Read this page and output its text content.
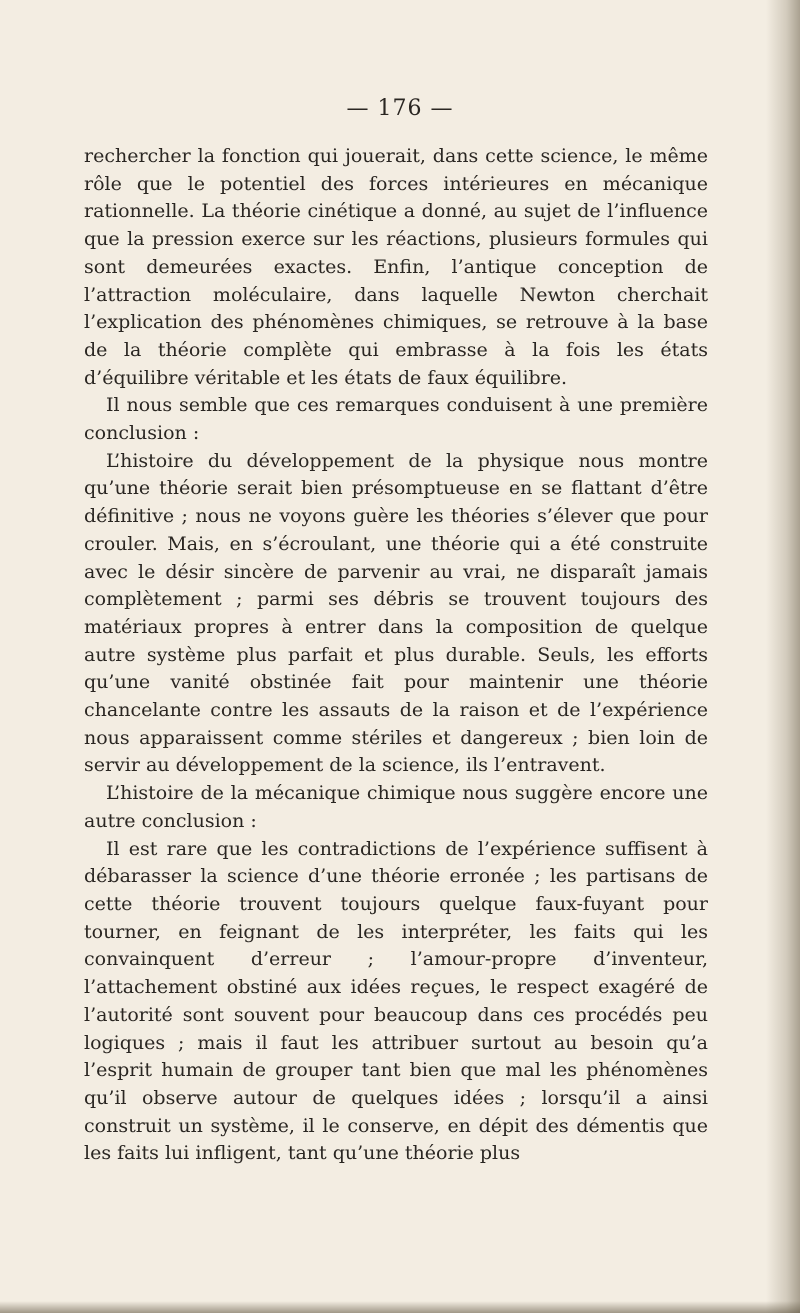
— 176 —

rechercher la fonction qui jouerait, dans cette science, le même rôle que le potentiel des forces intérieures en mécanique rationnelle. La théorie cinétique a donné, au sujet de l’influence que la pression exerce sur les réactions, plusieurs formules qui sont demeurées exactes. Enfin, l’antique conception de l’attraction moléculaire, dans laquelle Newton cherchait l’explication des phénomènes chimiques, se retrouve à la base de la théorie complète qui embrasse à la fois les états d’équilibre véritable et les états de faux équilibre.

Il nous semble que ces remarques conduisent à une première conclusion :

L’histoire du développement de la physique nous montre qu’une théorie serait bien présomptueuse en se flattant d’être définitive ; nous ne voyons guère les théories s’élever que pour crouler. Mais, en s’écroulant, une théorie qui a été construite avec le désir sincère de parvenir au vrai, ne disparaît jamais complètement ; parmi ses débris se trouvent toujours des matériaux propres à entrer dans la composition de quelque autre système plus parfait et plus durable. Seuls, les efforts qu’une vanité obstinée fait pour maintenir une théorie chancelante contre les assauts de la raison et de l’expérience nous apparaissent comme stériles et dangereux ; bien loin de servir au développement de la science, ils l’entravent.

L’histoire de la mécanique chimique nous suggère encore une autre conclusion :

Il est rare que les contradictions de l’expérience suffisent à débarasser la science d’une théorie erronée ; les partisans de cette théorie trouvent toujours quelque faux-fuyant pour tourner, en feignant de les interpréter, les faits qui les convainquent d’erreur ; l’amour-propre d’inventeur, l’attachement obstiné aux idées reçues, le respect exagéré de l’autorité sont souvent pour beaucoup dans ces procédés peu logiques ; mais il faut les attribuer surtout au besoin qu’a l’esprit humain de grouper tant bien que mal les phénomènes qu’il observe autour de quelques idées ; lorsqu’il a ainsi construit un système, il le conserve, en dépit des démentis que les faits lui infligent, tant qu’une théorie plus
